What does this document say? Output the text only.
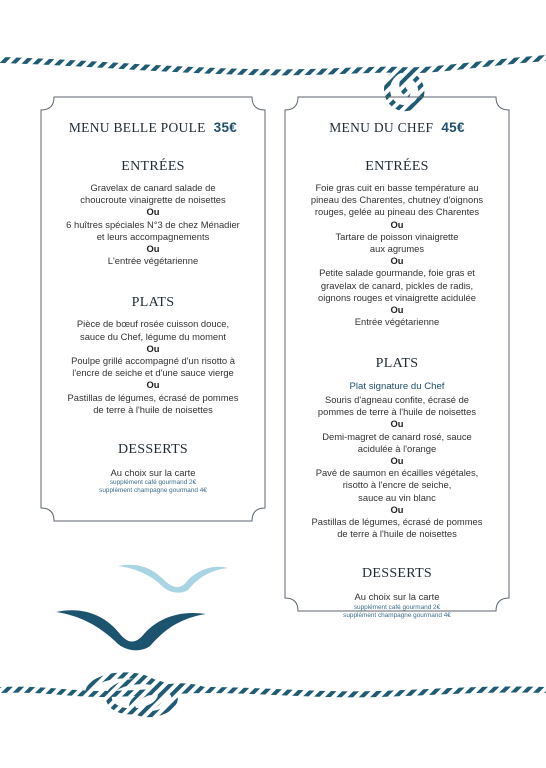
MENU BELLE POULE 35€
ENTRÉES

Gravelax de canard salade de

choucroute vinaigrette de noisettes

Ou

6 huîtres spéciales N°3 de chez Ménadier

et leurs accompagnements

Ou

L'entrée végétarienne

PLATS

Pièce de bœuf rosée cuisson douce,

sauce du Chef, légume du moment

Ou

Poulpe grillé accompagné d'un risotto à

l'encre de seiche et d'une sauce vierge

Ou

Pastillas de légumes, écrasé de pommes

de terre à l'huile de noisettes

DESSERTS

Au choix sur la carte

supplément café gourmand 2€

supplément champagne gourmand 4€

MENU DU CHEF 45€
ENTRÉES

Foie gras cuit en basse température au

pineau des Charentes, chutney d'oignons

rouges, gelée au pineau des Charentes

Ou

Tartare de poisson vinaigrette

aux agrumes

Ou

Petite salade gourmande, foie gras et

gravelax de canard, pickles de radis,

oignons rouges et vinaigrette acidulée

Ou

Entrée végétarienne

PLATS

Plat signature du Chef

Souris d'agneau confite, écrasé de

pommes de terre à l'huile de noisettes

Ou

Demi-magret de canard rosé, sauce

acidulée à l'orange

Ou

Pavé de saumon en écailles végétales,

risotto à l'encre de seiche,

sauce au vin blanc

Ou

Pastillas de légumes, écrasé de pommes

de terre à l'huile de noisettes

DESSERTS

Au choix sur la carte

supplément café gourmand 2€

supplément champagne gourmand 4€
